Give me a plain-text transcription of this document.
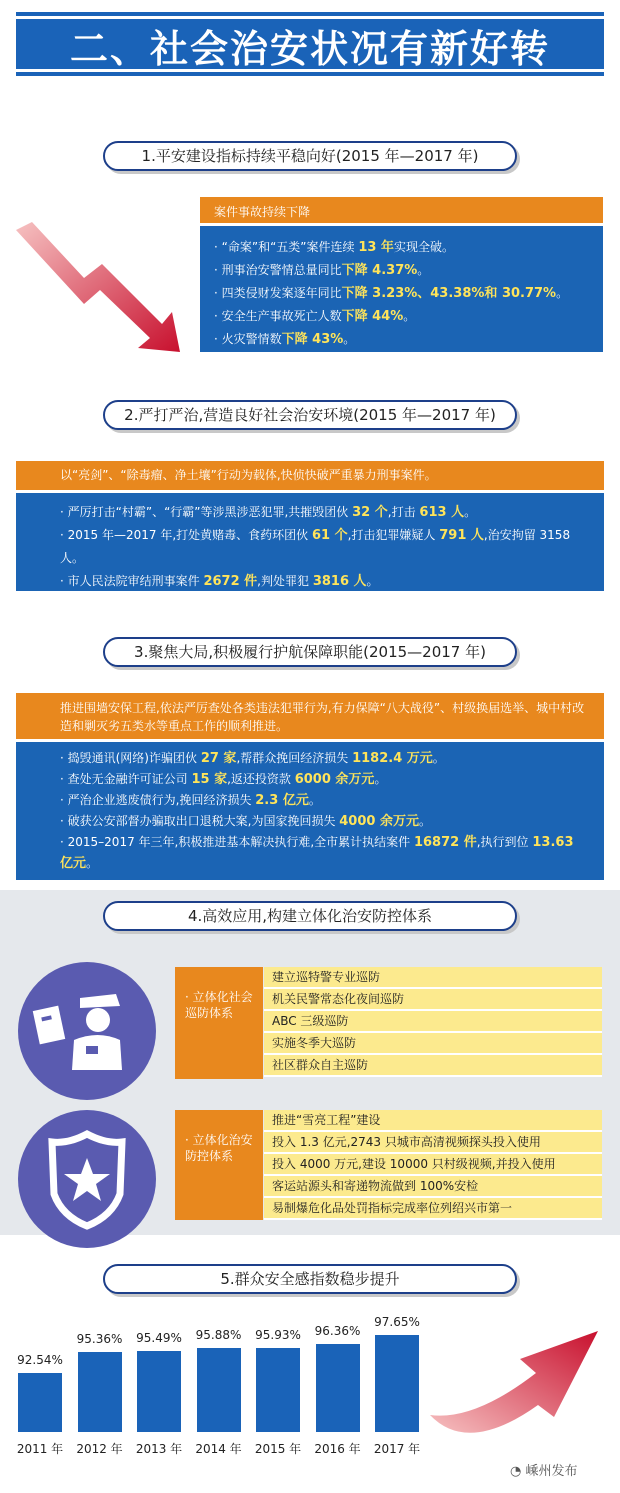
二、社会治安状况有新好转
1.平安建设指标持续平稳向好(2015 年—2017 年)
案件事故持续下降

· “命案”和“五类”案件连续 13 年实现全破。

· 刑事治安警情总量同比下降 4.37%。

· 四类侵财发案逐年同比下降 3.23%、43.38%和 30.77%。

· 安全生产事故死亡人数下降 44%。

· 火灾警情数下降 43%。

2.严打严治,营造良好社会治安环境(2015 年—2017 年)
以“亮剑”、“除毒瘤、净土壤”行动为载体,快侦快破严重暴力刑事案件。

· 严厉打击“村霸”、“行霸”等涉黑涉恶犯罪,共摧毁团伙 32 个,打击 613 人。

· 2015 年—2017 年,打处黄赌毒、食药环团伙 61 个,打击犯罪嫌疑人 791 人,治安拘留 3158 人。

· 市人民法院审结刑事案件 2672 件,判处罪犯 3816 人。

3.聚焦大局,积极履行护航保障职能(2015—2017 年)
推进围墙安保工程,依法严厉查处各类违法犯罪行为,有力保障“八大战役”、村级换届选举、城中村改造和剿灭劣五类水等重点工作的顺利推进。

· 捣毁通讯(网络)诈骗团伙 27 家,帮群众挽回经济损失 1182.4 万元。

· 查处无金融许可证公司 15 家,返还投资款 6000 余万元。

· 严治企业逃废债行为,挽回经济损失 2.3 亿元。

· 破获公安部督办骗取出口退税大案,为国家挽回损失 4000 余万元。

· 2015–2017 年三年,积极推进基本解决执行难,全市累计执结案件 16872 件,执行到位 13.63 亿元。

4.高效应用,构建立体化治安防控体系
· 立体化社会巡防体系
建立巡特警专业巡防
机关民警常态化夜间巡防
ABC 三级巡防
实施冬季大巡防
社区群众自主巡防
· 立体化治安防控体系
推进“雪亮工程”建设
投入 1.3 亿元,2743 只城市高清视频探头投入使用
投入 4000 万元,建设 10000 只村级视频,并投入使用
客运站源头和寄递物流做到 100%安检
易制爆危化品处罚指标完成率位列绍兴市第一
5.群众安全感指数稳步提升
92.54%
2011 年
95.36%
2012 年
95.49%
2013 年
95.88%
2014 年
95.93%
2015 年
96.36%
2016 年
97.65%
2017 年
◔ 嵊州发布
